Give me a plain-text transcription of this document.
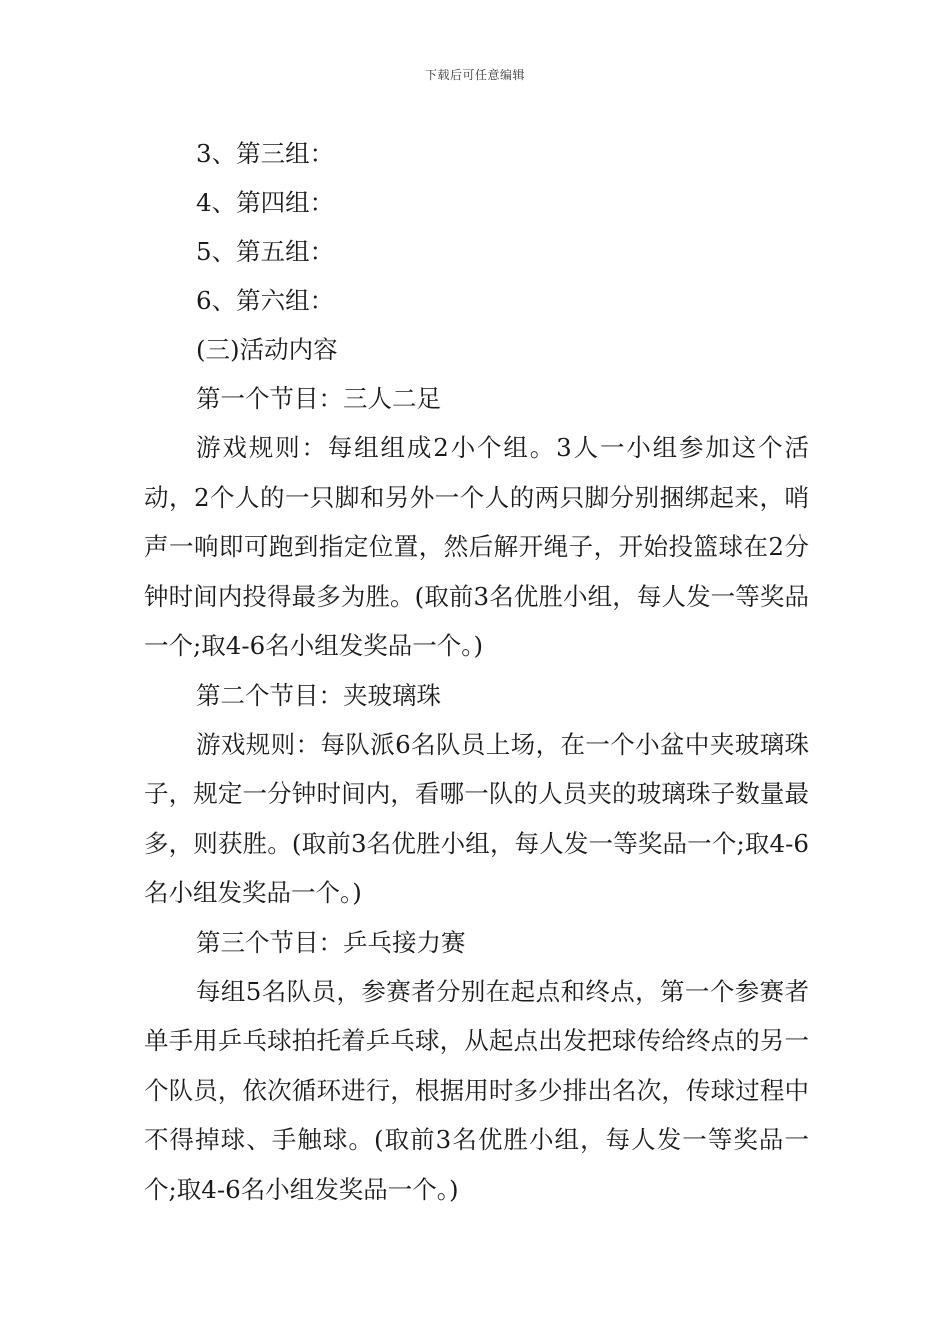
下载后可任意编辑

3、第三组：

4、第四组：

5、第五组：

6、第六组：

(三)活动内容

第一个节目：三人二足

游戏规则：每组组成2小个组。3人一小组参加这个活动，2个人的一只脚和另外一个人的两只脚分别捆绑起来，哨声一响即可跑到指定位置，然后解开绳子，开始投篮球在2分钟时间内投得最多为胜。(取前3名优胜小组，每人发一等奖品一个;取4-6名小组发奖品一个。)

第二个节目：夹玻璃珠

游戏规则：每队派6名队员上场，在一个小盆中夹玻璃珠子，规定一分钟时间内，看哪一队的人员夹的玻璃珠子数量最多，则获胜。(取前3名优胜小组，每人发一等奖品一个;取4-6名小组发奖品一个。)

第三个节目：乒乓接力赛

每组5名队员，参赛者分别在起点和终点，第一个参赛者单手用乒乓球拍托着乒乓球，从起点出发把球传给终点的另一个队员，依次循环进行，根据用时多少排出名次，传球过程中不得掉球、手触球。(取前3名优胜小组，每人发一等奖品一个;取4-6名小组发奖品一个。)
